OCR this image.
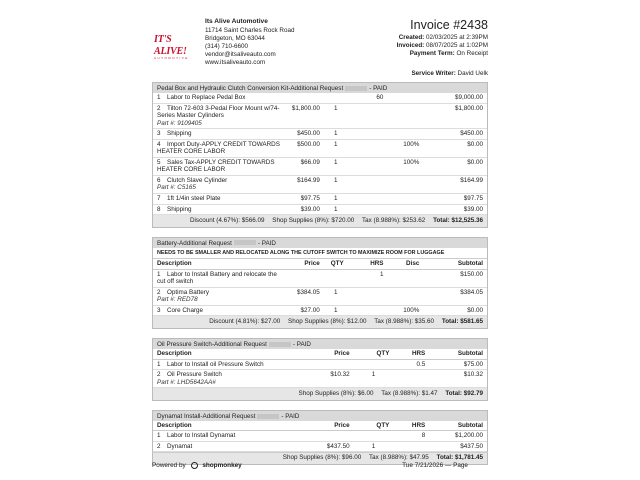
IT'S ALIVE!
AUTOMOTIVE
Its Alive Automotive
11714 Saint Charles Rock Road
Bridgeton, MO 63044
(314) 710-6600
vendor@itsaliveauto.com
www.itsaliveauto.com
Invoice #2438
Created: 02/03/2025 at 2:39PM
Invoiced: 08/07/2025 at 1:02PM
Payment Term: On Receipt
Service Writer: David Uelk
Pedal Box and Hydraulic Clutch Conversion Kit-Additional Request	- PAID
1 Labor to Replace Pedal Box			60		$9,000.00
2 Tilton 72-603 3-Pedal Floor Mount w/74-Series Master Cylinders
Part #: 9109405	$1,800.00	1			$1,800.00
3 Shipping	$450.00	1			$450.00
4 Import Duty-APPLY CREDIT TOWARDS HEATER CORE LABOR	$500.00	1		100%	$0.00
5 Sales Tax-APPLY CREDIT TOWARDS HEATER CORE LABOR	$66.09	1		100%	$0.00
6 Clutch Slave Cylinder
Part #: C5165	$164.99	1			$164.99
7 1ft 1/4in steel Plate	$97.75	1			$97.75
8 Shipping	$39.00	1			$39.00
Discount (4.67%): $566.09 Shop Supplies (8%): $720.00 Tax (8.988%): $253.62 Total: $12,525.36
Battery-Additional Request	- PAID
NEEDS TO BE SMALLER AND RELOCATED ALONG THE CUTOFF SWITCH TO MAXIMIZE ROOM FOR LUGGAGE
Description	Price	QTY	HRS	Disc	Subtotal
1 Labor to Install Battery and relocate the cut off switch			1		$150.00
2 Optima Battery
Part #: RED78	$384.05	1			$384.05
3 Core Charge	$27.00	1		100%	$0.00
Discount (4.81%): $27.00 Shop Supplies (8%): $12.00 Tax (8.988%): $35.60 Total: $581.65
Oil Pressure Switch-Additional Request	- PAID
Description	Price	QTY	HRS	Subtotal
1 Labor to Install oil Pressure Switch			0.5	$75.00
2 Oil Pressure Switch
Part #: LHD5642AA#	$10.32	1		$10.32
Shop Supplies (8%): $6.00 Tax (8.988%): $1.47 Total: $92.79
Dynamat Install-Additional Request	- PAID
Description	Price	QTY	HRS	Subtotal
1 Labor to Install Dynamat			8	$1,200.00
2 Dynamat	$437.50	1		$437.50
Shop Supplies (8%): $96.00 Tax (8.988%): $47.95 Total: $1,781.45
Powered by	shopmonkey	Tue 7/21/2026 — Page
